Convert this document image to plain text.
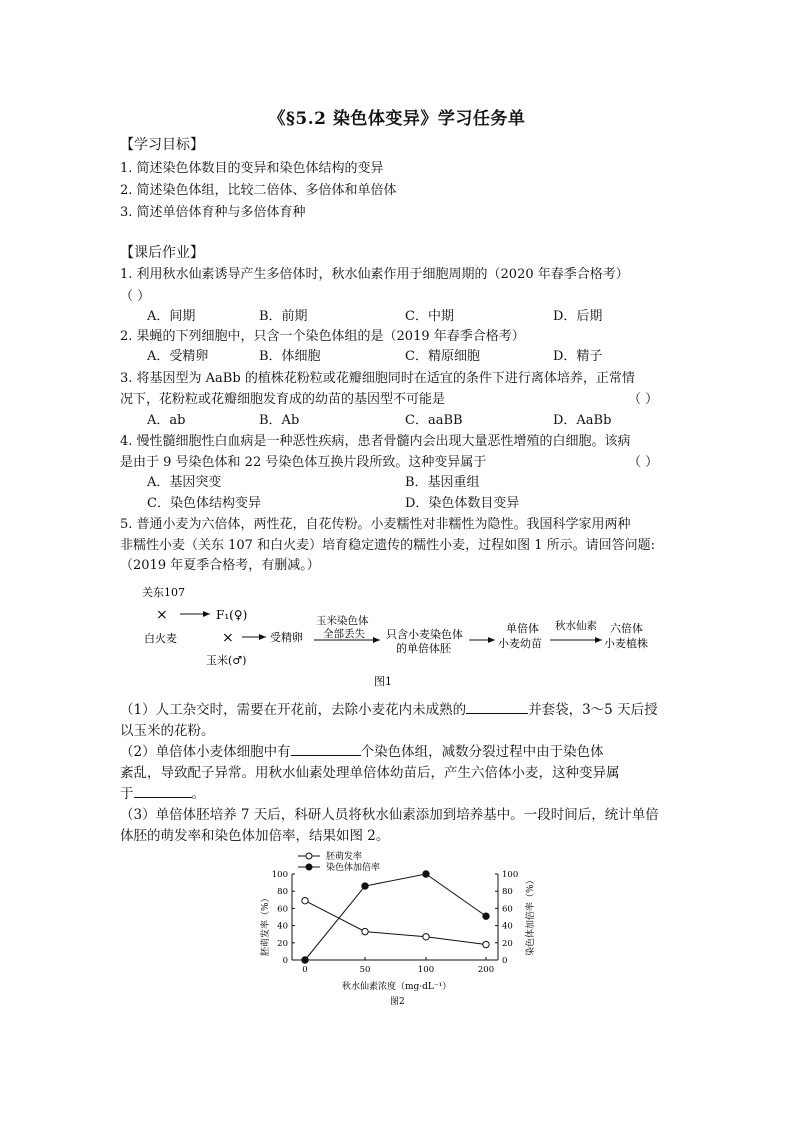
《§5.2 染色体变异》学习任务单
【学习目标】
1. 简述染色体数目的变异和染色体结构的变异
2. 简述染色体组，比较二倍体、多倍体和单倍体
3. 简述单倍体育种与多倍体育种
【课后作业】
1. 利用秋水仙素诱导产生多倍体时，秋水仙素作用于细胞周期的（2020 年春季合格考）
（ ）
A．间期	B．前期	C．中期	D．后期
2. 果蝇的下列细胞中，只含一个染色体组的是（2019 年春季合格考）
A．受精卵	B．体细胞	C．精原细胞	D．精子
3. 将基因型为 AaBb 的植株花粉粒或花瓣细胞同时在适宜的条件下进行离体培养，正常情
况下，花粉粒或花瓣细胞发育成的幼苗的基因型不可能是	（ ）
A．ab	B．Ab	C．aaBB	D．AaBb
4. 慢性髓细胞性白血病是一种恶性疾病，患者骨髓内会出现大量恶性增殖的白细胞。该病
是由于 9 号染色体和 22 号染色体互换片段所致。这种变异属于	（ ）
A．基因突变	B．基因重组
C．染色体结构变异	D．染色体数目变异
5. 普通小麦为六倍体，两性花，自花传粉。小麦糯性对非糯性为隐性。我国科学家用两种
非糯性小麦（关东 107 和白火麦）培育稳定遗传的糯性小麦，过程如图 1 所示。请回答问题:
（2019 年夏季合格考，有删减。）
关东107
×	F₁(♀)
白火麦	×	受精卵
玉米(♂)
玉米染色体
全部丢失 只含小麦染色体
的单倍体胚
单倍体
小麦幼苗
秋水仙素 六倍体
小麦植株
图1
（1）人工杂交时，需要在开花前，去除小麦花内未成熟的	并套袋，3～5 天后授
以玉米的花粉。
（2）单倍体小麦体细胞中有	个染色体组，减数分裂过程中由于染色体
紊乱，导致配子异常。用秋水仙素处理单倍体幼苗后，产生六倍体小麦，这种变异属
于	。
（3）单倍体胚培养 7 天后，科研人员将秋水仙素添加到培养基中。一段时间后，统计单倍
体胚的萌发率和染色体加倍率，结果如图 2。
胚萌发率
染色体加倍率
0
20
40
60
80
100
0
20
40
60
80
100
0	50	100	200
胚萌发率（%）	染色体加倍率（%）
秋水仙素浓度（mg·dL⁻¹）
图2
